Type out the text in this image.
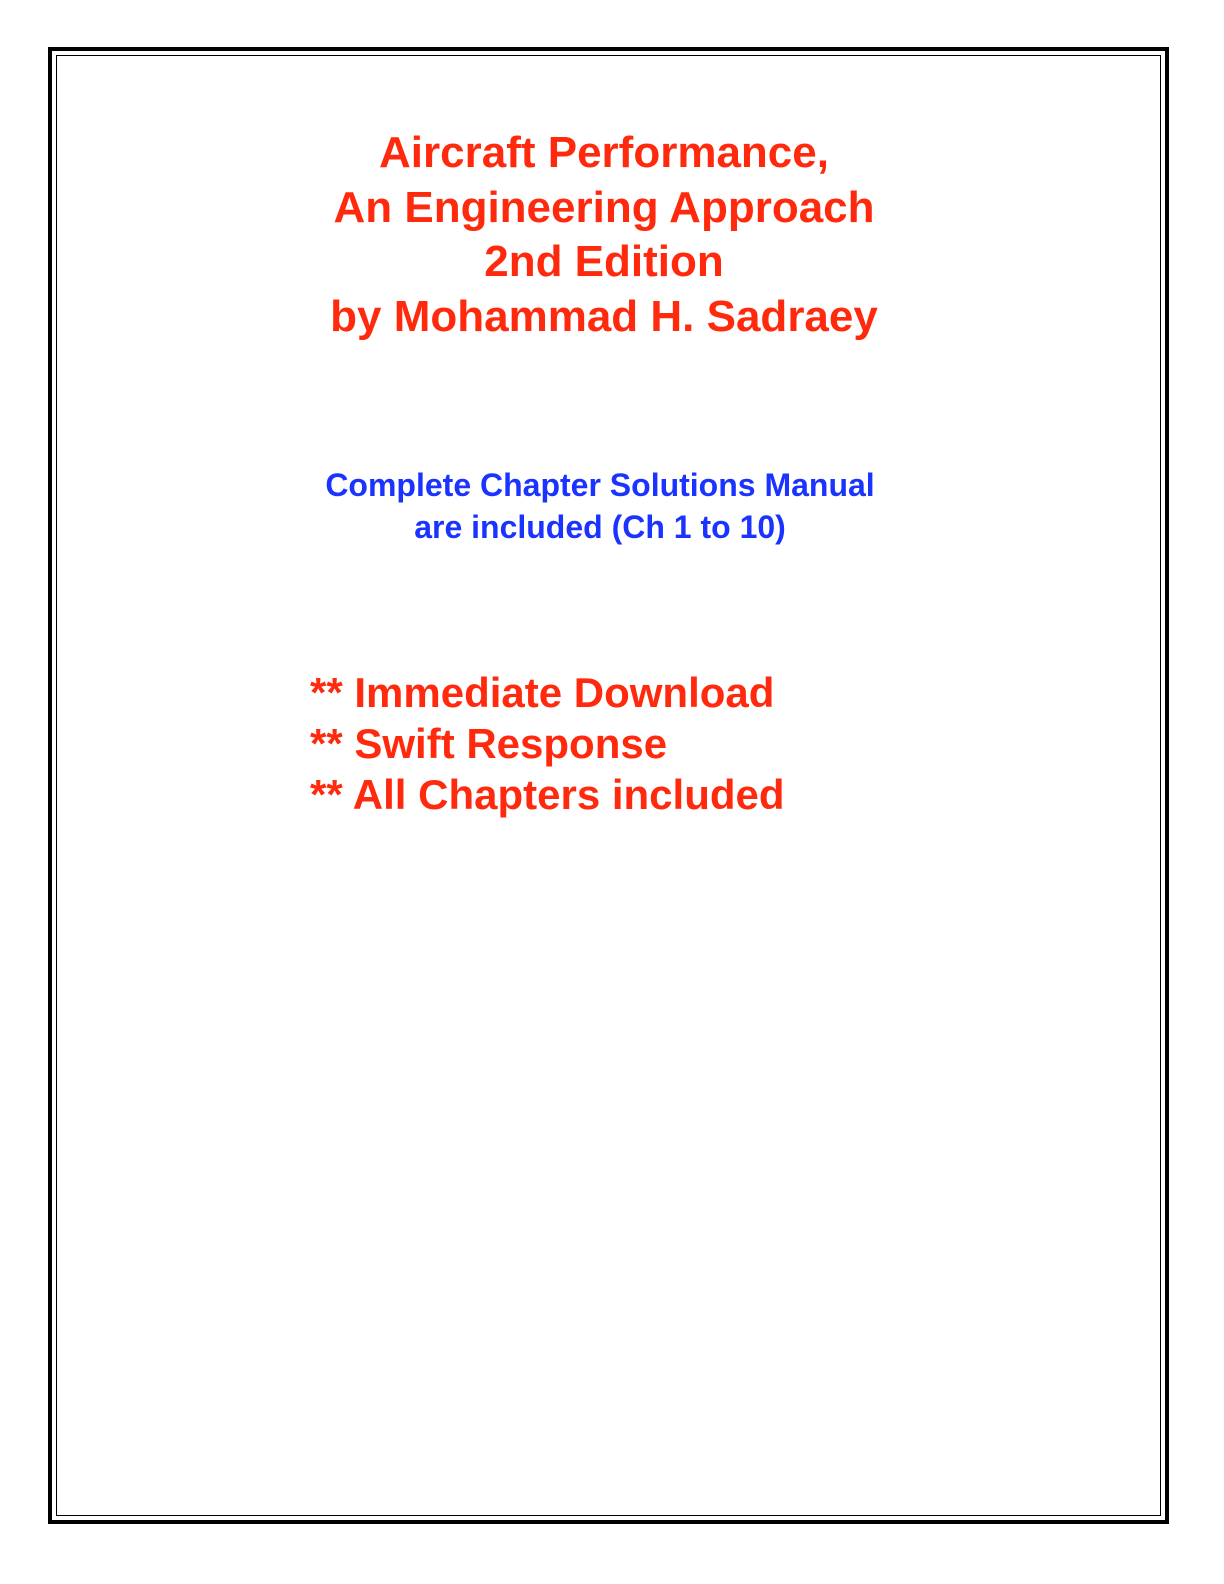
Aircraft Performance,
An Engineering Approach
2nd Edition
by Mohammad H. Sadraey
Complete Chapter Solutions Manual
are included (Ch 1 to 10)
** Immediate Download
** Swift Response
** All Chapters included
